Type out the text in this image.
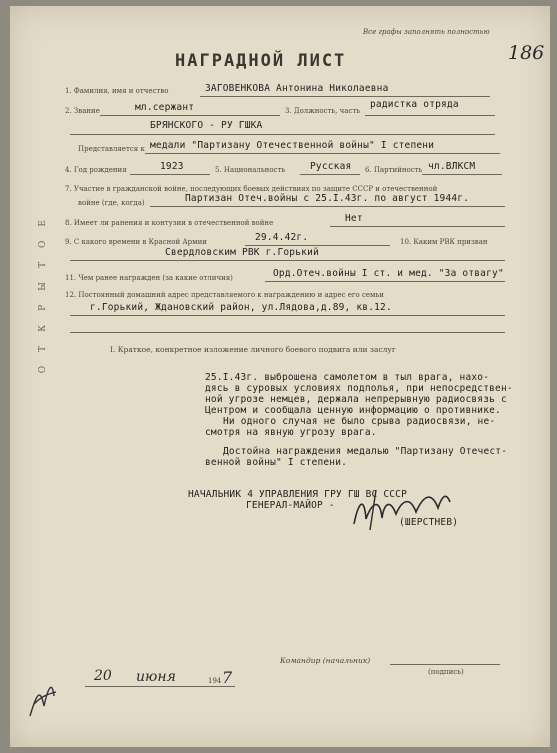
Все графы заполнять полностью
186
НАГРАДНОЙ ЛИСТ
ОТКРЫТОЕ
1. Фамилия, имя и отчество	ЗАГОВЕНКОВА Антонина Николаевна
2. Звание	мл.сержант	3. Должность, часть
радистка отряда
БРЯНСКОГО - РУ ГШКА
Представляется к медали "Партизану Отечественной войны" I степени
4. Год рождения	1923	5. Национальность	Русская 6. Партийность чл.ВЛКСМ
7. Участие в гражданской войне, последующих боевых действиях по защите СССР и отечественной
войне (где, когда)	Партизан Отеч.войны с 25.I.43г. по август 1944г.
8. Имеет ли ранения и контузии в отечественной войне	Нет
9. С какого времени в Красной Армии	29.4.42г.	10. Каким РВК призван
Свердловским РВК г.Горький
11. Чем ранее награжден (за какие отличия)	Орд.Отеч.войны I ст. и мед. "За отвагу"
12. Постоянный домашний адрес представляемого к награждению и адрес его семьи
г.Горький, Ждановский район, ул.Лядова,д.89, кв.12.
I. Краткое, конкретное изложение личного боевого подвига или заслуг
25.I.43г. выброшена самолетом в тыл врага, нахо-
дясь в суровых условиях подполья, при непосредствен-
ной угрозе немцев, держала непрерывную радиосвязь с
Центром и сообщала ценную информацию о противнике.
Ни одного случая не было срыва радиосвязи, не-
смотря на явную угрозу врага.
Достойна награждения медалью "Партизану Отечест-
венной войны" I степени.
НАЧАЛЬНИК 4 УПРАВЛЕНИЯ ГРУ ГШ ВС СССР
ГЕНЕРАЛ-МАЙОР -
(ШЕРСТНЕВ)
20 июня	194 7
Командир (начальник)
(подпись)
